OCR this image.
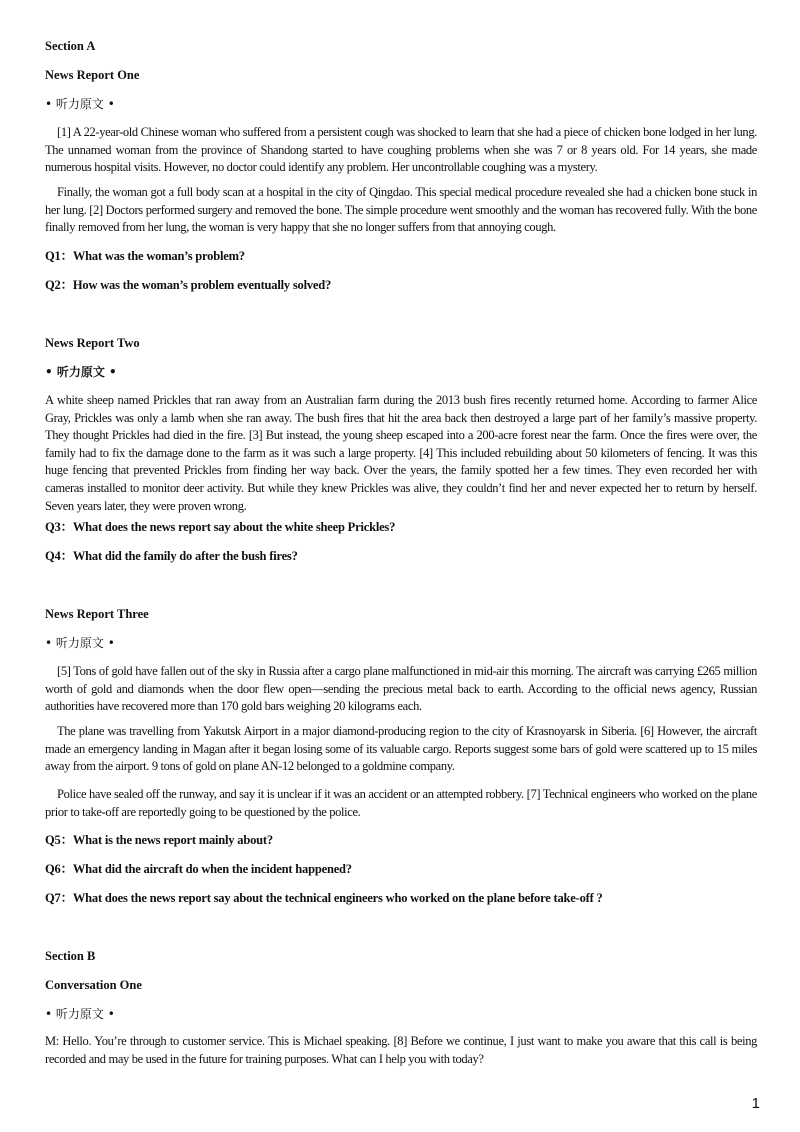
Section A
News Report One
• 听力原文 •
[1] A 22-year-old Chinese woman who suffered from a persistent cough was shocked to learn that she had a piece of chicken bone lodged in her lung. The unnamed woman from the province of Shandong started to have coughing problems when she was 7 or 8 years old. For 14 years, she made numerous hospital visits. However, no doctor could identify any problem. Her uncontrollable coughing was a mystery.
Finally, the woman got a full body scan at a hospital in the city of Qingdao. This special medical procedure revealed she had a chicken bone stuck in her lung. [2] Doctors performed surgery and removed the bone. The simple procedure went smoothly and the woman has recovered fully. With the bone finally removed from her lung, the woman is very happy that she no longer suffers from that annoying cough.
Q1：What was the woman’s problem?
Q2：How was the woman’s problem eventually solved?
News Report Two
• 听力原文 •
A white sheep named Prickles that ran away from an Australian farm during the 2013 bush fires recently returned home. According to farmer Alice Gray, Prickles was only a lamb when she ran away. The bush fires that hit the area back then destroyed a large part of her family’s massive property. They thought Prickles had died in the fire. [3] But instead, the young sheep escaped into a 200-acre forest near the farm. Once the fires were over, the family had to fix the damage done to the farm as it was such a large property. [4] This included rebuilding about 50 kilometers of fencing. It was this huge fencing that prevented Prickles from finding her way back. Over the years, the family spotted her a few times. They even recorded her with cameras installed to monitor deer activity. But while they knew Prickles was alive, they couldn’t find her and never expected her to return by herself. Seven years later, they were proven wrong.
Q3：What does the news report say about the white sheep Prickles?
Q4：What did the family do after the bush fires?
News Report Three
• 听力原文 •
[5] Tons of gold have fallen out of the sky in Russia after a cargo plane malfunctioned in mid-air this morning. The aircraft was carrying £265 million worth of gold and diamonds when the door flew open—sending the precious metal back to earth. According to the official news agency, Russian authorities have recovered more than 170 gold bars weighing 20 kilograms each.
The plane was travelling from Yakutsk Airport in a major diamond-producing region to the city of Krasnoyarsk in Siberia. [6] However, the aircraft made an emergency landing in Magan after it began losing some of its valuable cargo. Reports suggest some bars of gold were scattered up to 15 miles away from the airport. 9 tons of gold on plane AN-12 belonged to a goldmine company.
Police have sealed off the runway, and say it is unclear if it was an accident or an attempted robbery. [7] Technical engineers who worked on the plane prior to take-off are reportedly going to be questioned by the police.
Q5：What is the news report mainly about?
Q6：What did the aircraft do when the incident happened?
Q7：What does the news report say about the technical engineers who worked on the plane before take-off ?
Section B
Conversation One
• 听力原文 •
M: Hello. You’re through to customer service. This is Michael speaking. [8] Before we continue, I just want to make you aware that this call is being recorded and may be used in the future for training purposes. What can I help you with today?
1
